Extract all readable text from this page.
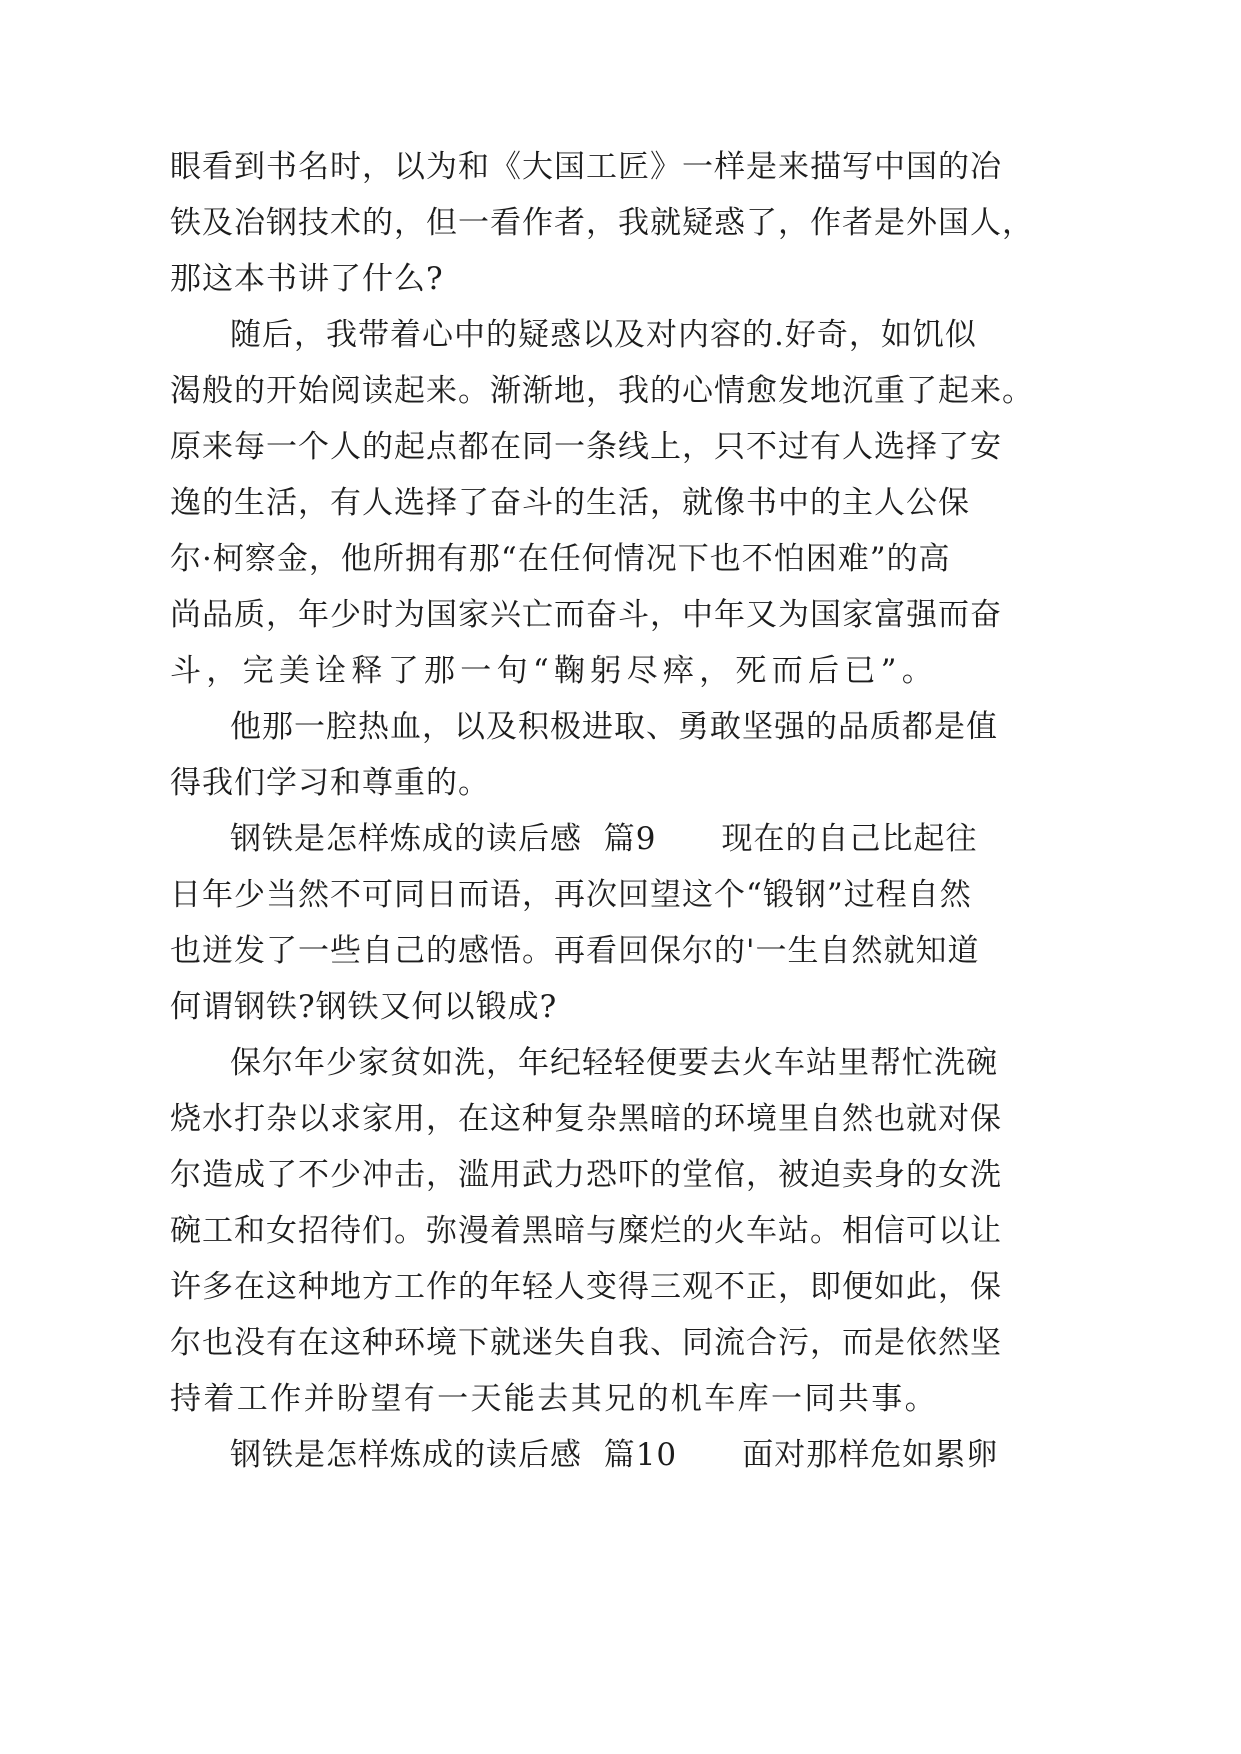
眼看到书名时，以为和《大国工匠》一样是来描写中国的冶
铁及冶钢技术的，但一看作者，我就疑惑了，作者是外国人，
那这本书讲了什么?
随后，我带着心中的疑惑以及对内容的.好奇，如饥似
渴般的开始阅读起来。渐渐地，我的心情愈发地沉重了起来。
原来每一个人的起点都在同一条线上，只不过有人选择了安
逸的生活，有人选择了奋斗的生活，就像书中的主人公保
尔·柯察金，他所拥有那“在任何情况下也不怕困难”的高
尚品质，年少时为国家兴亡而奋斗，中年又为国家富强而奋
斗，完美诠释了那一句“鞠躬尽瘁，死而后已”。
他那一腔热血，以及积极进取、勇敢坚强的品质都是值
得我们学习和尊重的。
钢铁是怎样炼成的读后感  篇9      现在的自己比起往
日年少当然不可同日而语，再次回望这个“锻钢”过程自然
也迸发了一些自己的感悟。再看回保尔的'一生自然就知道
何谓钢铁?钢铁又何以锻成?
保尔年少家贫如洗，年纪轻轻便要去火车站里帮忙洗碗
烧水打杂以求家用，在这种复杂黑暗的环境里自然也就对保
尔造成了不少冲击，滥用武力恐吓的堂倌，被迫卖身的女洗
碗工和女招待们。弥漫着黑暗与糜烂的火车站。相信可以让
许多在这种地方工作的年轻人变得三观不正，即便如此，保
尔也没有在这种环境下就迷失自我、同流合污，而是依然坚
持着工作并盼望有一天能去其兄的机车库一同共事。
钢铁是怎样炼成的读后感  篇10      面对那样危如累卵
